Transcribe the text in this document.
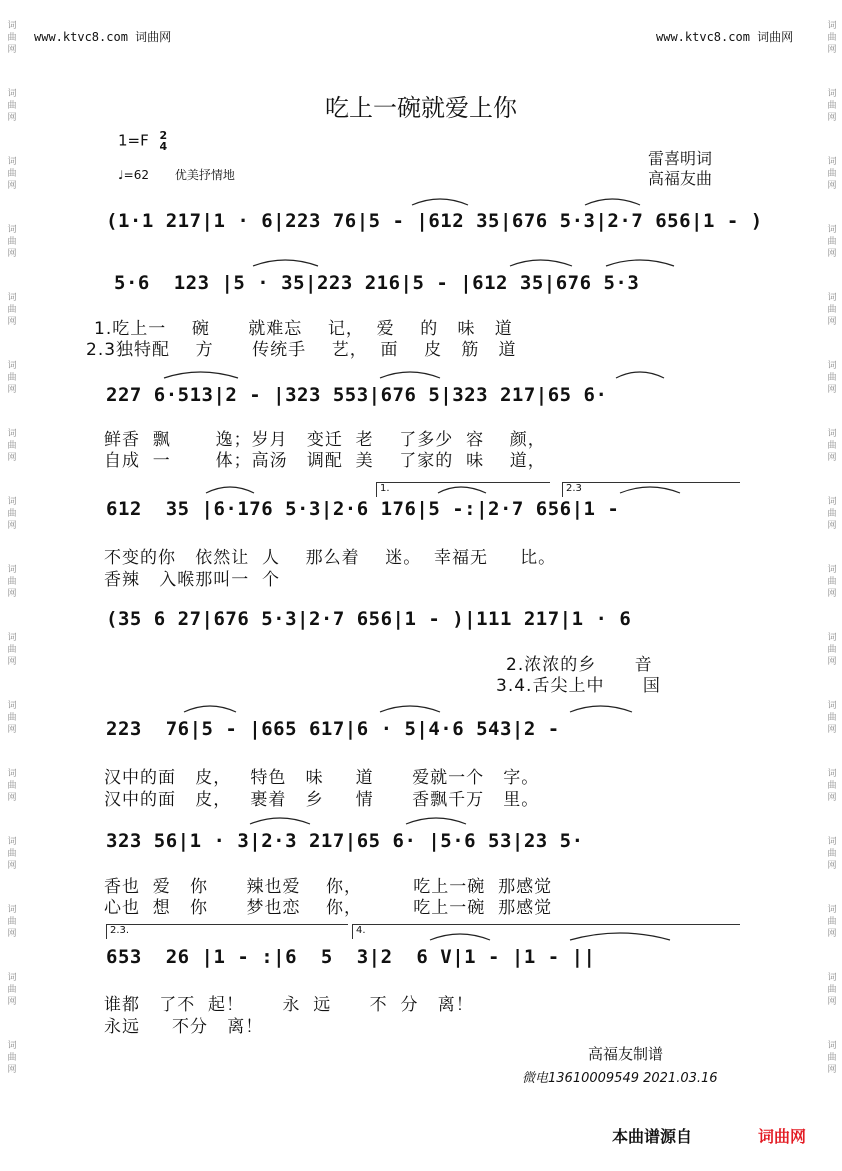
词
曲
网
词
曲
网
词
曲
网
词
曲
网
词
曲
网
词
曲
网
词
曲
网
词
曲
网
词
曲
网
词
曲
网
词
曲
网
词
曲
网
词
曲
网
词
曲
网
词
曲
网
词
曲
网
词
曲
网
词
曲
网
词
曲
网
词
曲
网
词
曲
网
词
曲
网
词
曲
网
词
曲
网
词
曲
网
词
曲
网
词
曲
网
词
曲
网
词
曲
网
词
曲
网
词
曲
网
词
曲
网
www.ktvc8.com 词曲网	www.ktvc8.com 词曲网
吃上一碗就爱上你
1=F 2
4
♩=62 优美抒情地
雷喜明词
高福友曲
(1·1 217|1 · 6|223 76|5 - |612 35|676 5·3|2·7 656|1 - )
5·6  123 |5 · 35|223 216|5 - |612 35|676 5·3
1.吃上一    碗      就难忘    记，  爱    的   味   道
2.3独特配    方      传统手    艺，  面    皮   筋   道
227 6·513|2 - |323 553|676 5|323 217|65 6·
鲜香  飘       逸；岁月   变迁  老    了多少  容    颜，
自成  一       体；高汤   调配  美    了家的  味    道，
1.	2.3
612  35 |6·176 5·3|2·6 176|5 -:|2·7 656|1 -
不变的你   依然让  人    那么着    迷。  幸福无     比。
香辣   入喉那叫一  个
(35 6 27|676 5·3|2·7 656|1 - )|111 217|1 · 6
2.浓浓的乡      音
3.4.舌尖上中      国
223  76|5 - |665 617|6 · 5|4·6 543|2 -
汉中的面   皮，   特色   味     道      爱就一个   字。
汉中的面   皮，   裹着   乡     情      香飘千万   里。
323 56|1 · 3|2·3 217|65 6· |5·6 53|23 5·
香也  爱   你      辣也爱    你，        吃上一碗  那感觉
心也  想   你      梦也恋    你，        吃上一碗  那感觉
2.3.	4.
653  26 |1 - :|6  5  3|2  6 V|1 - |1 - ||
谁都   了不  起！      永  远      不  分   离！
永远     不分   离！
高福友制谱
微电13610009549 2021.03.16
本曲谱源自	词曲网
